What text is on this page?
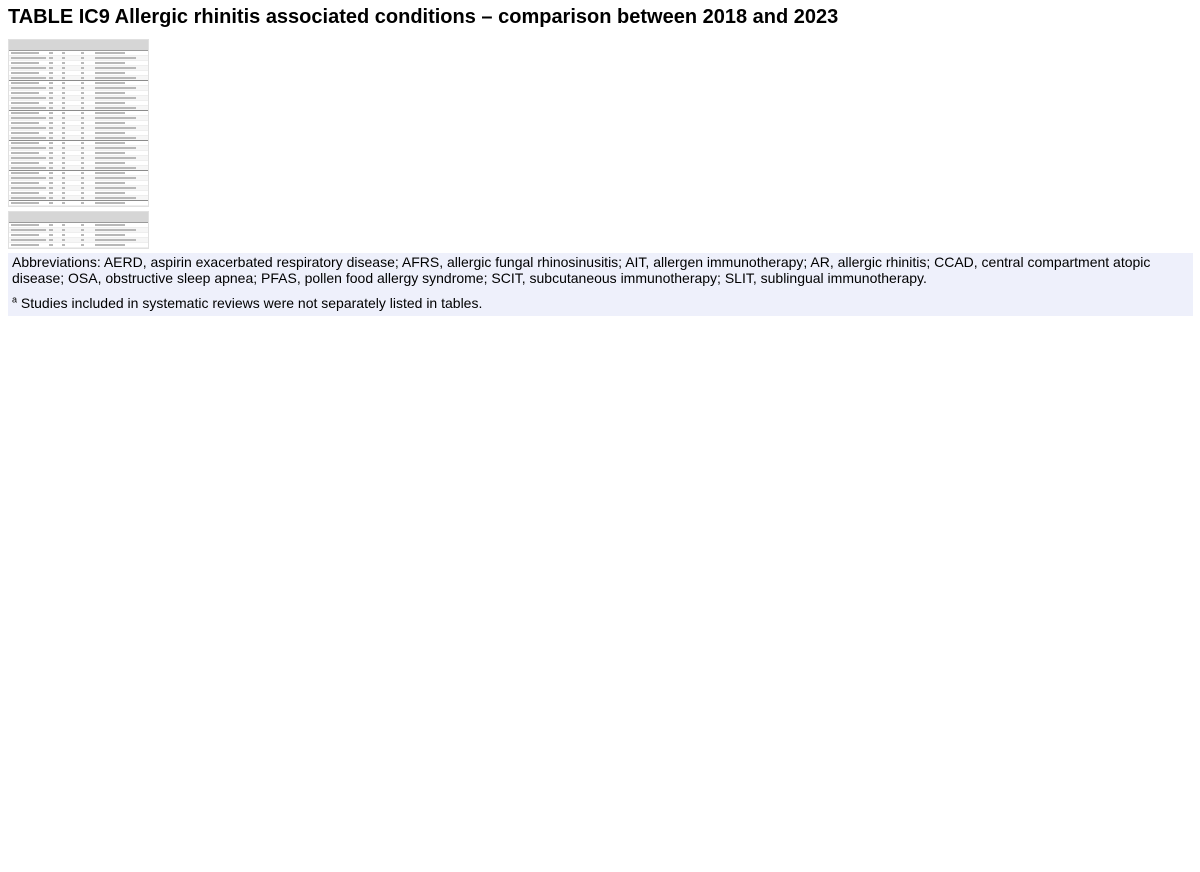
TABLE IC9 Allergic rhinitis associated conditions – comparison between 2018 and 2023

Abbreviations: AERD, aspirin exacerbated respiratory disease; AFRS, allergic fungal rhinosinusitis; AIT, allergen immunotherapy; AR, allergic rhinitis; CCAD, central compartment atopic disease; OSA, obstructive sleep apnea; PFAS, pollen food allergy syndrome; SCIT, subcutaneous immunotherapy; SLIT, sublingual immunotherapy.

$^a$ Studies included in systematic reviews were not separately listed in tables.
